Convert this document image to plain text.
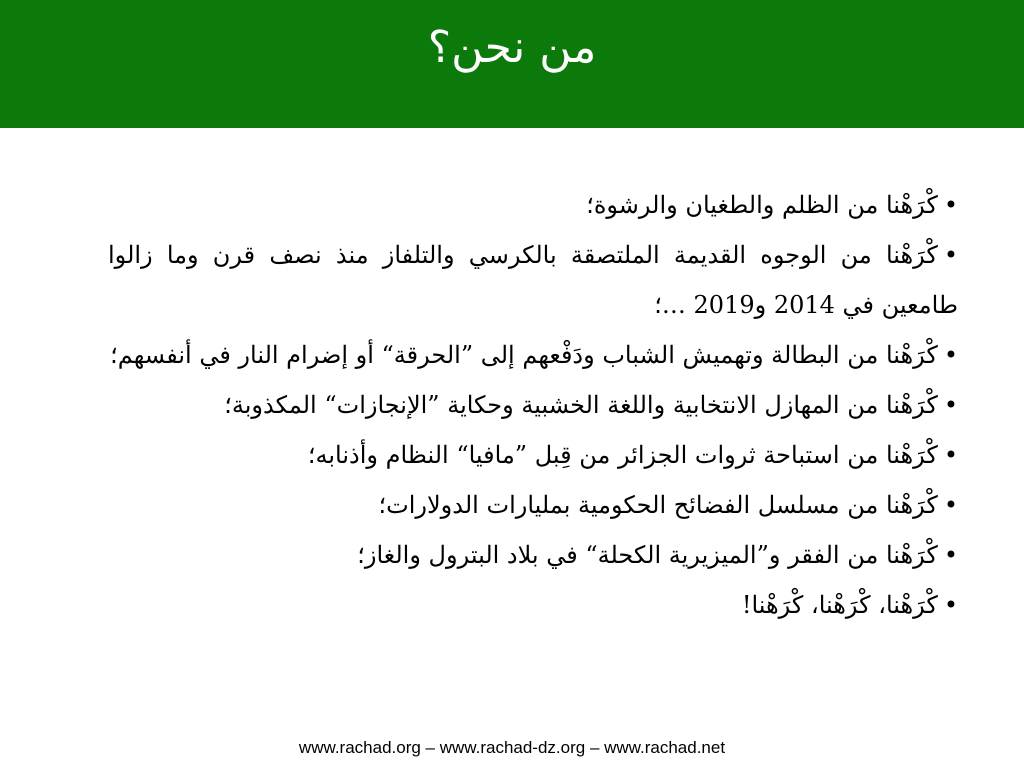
من نحن؟

•كْرَهْنا من الظلم والطغيان والرشوة؛

•كْرَهْنا من الوجوه القديمة الملتصقة بالكرسي والتلفاز منذ نصف قرن وما زالوا طامعين في 2014 و2019 …؛

•كْرَهْنا من البطالة وتهميش الشباب ودَفْعهم إلى ”الحرقة“ أو إضرام النار في أنفسهم؛

•كْرَهْنا من المهازل الانتخابية واللغة الخشبية وحكاية ”الإنجازات“ المكذوبة؛

•كْرَهْنا من استباحة ثروات الجزائر من قِبل ”مافيا“ النظام وأذنابه؛

•كْرَهْنا من مسلسل الفضائح الحكومية بمليارات الدولارات؛

•كْرَهْنا من الفقر و”الميزيرية الكحلة“ في بلاد البترول والغاز؛

•كْرَهْنا، كْرَهْنا، كْرَهْنا!

www.rachad.org – www.rachad-dz.org – www.rachad.net
